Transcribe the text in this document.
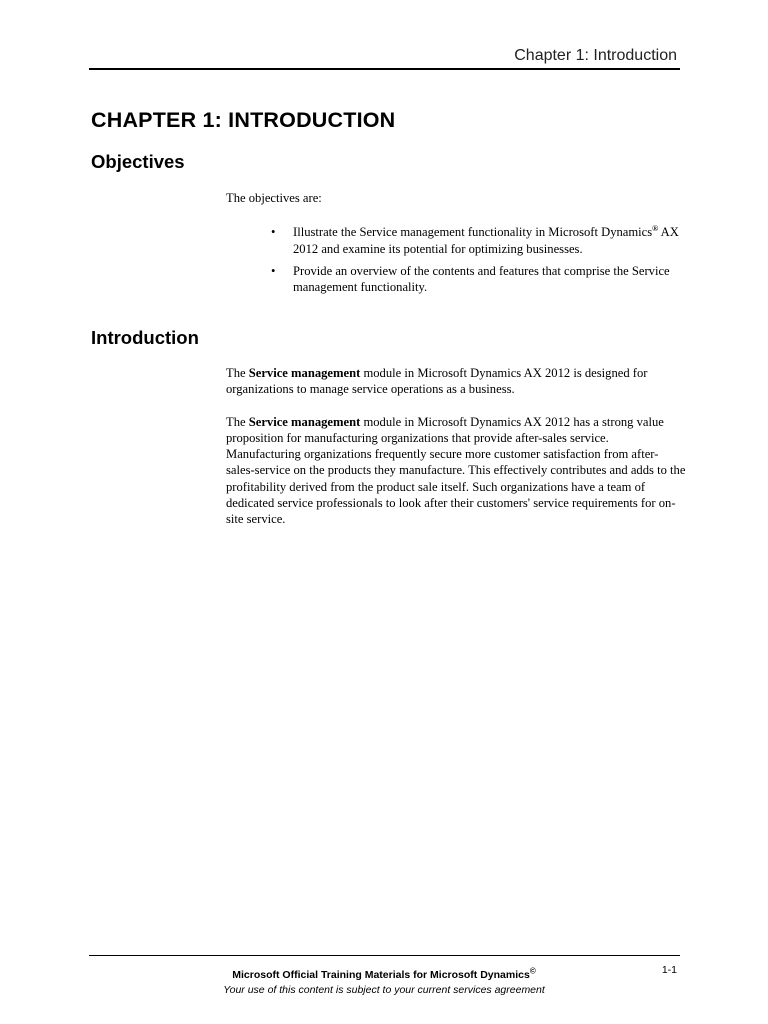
Chapter 1: Introduction
CHAPTER 1: INTRODUCTION
Objectives

The objectives are:

• Illustrate the Service management functionality in Microsoft Dynamics® AX 2012 and examine its potential for optimizing businesses.
• Provide an overview of the contents and features that comprise the Service management functionality.
Introduction

The Service management module in Microsoft Dynamics AX 2012 is designed for organizations to manage service operations as a business.

The Service management module in Microsoft Dynamics AX 2012 has a strong value proposition for manufacturing organizations that provide after-sales service. Manufacturing organizations frequently secure more customer satisfaction from after-sales-service on the products they manufacture. This effectively contributes and adds to the profitability derived from the product sale itself. Such organizations have a team of dedicated service professionals to look after their customers' service requirements for on-site service.

Microsoft Official Training Materials for Microsoft Dynamics©
Your use of this content is subject to your current services agreement
1-1
